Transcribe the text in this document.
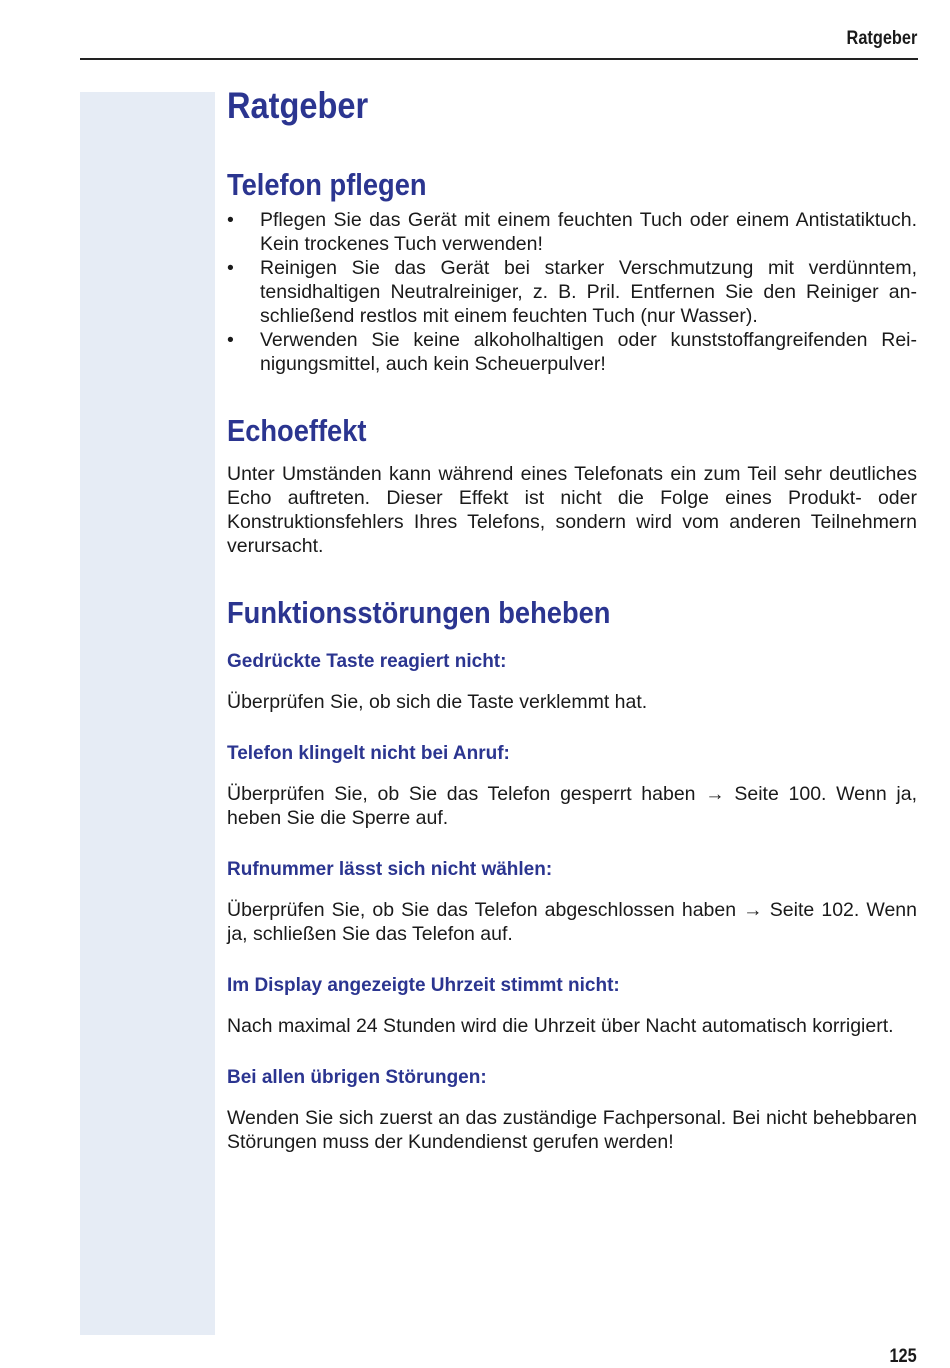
Ratgeber
Ratgeber
Telefon pflegen
• Pflegen Sie das Gerät mit einem feuchten Tuch oder einem Antistatiktuch. Kein trockenes Tuch verwenden!
• Reinigen Sie das Gerät bei starker Verschmutzung mit verdünntem, tensidhaltigen Neutralreiniger, z. B. Pril. Entfernen Sie den Reiniger anschließend restlos mit einem feuchten Tuch (nur Wasser).
• Verwenden Sie keine alkoholhaltigen oder kunststoffangreifenden Reinigungsmittel, auch kein Scheuerpulver!
Echoeffekt

Unter Umständen kann während eines Telefonats ein zum Teil sehr deutliches Echo auftreten. Dieser Effekt ist nicht die Folge eines Produkt- oder Konstruktionsfehlers Ihres Telefons, sondern wird vom anderen Teilnehmern verursacht.

Funktionsstörungen beheben
Gedrückte Taste reagiert nicht:

Überprüfen Sie, ob sich die Taste verklemmt hat.

Telefon klingelt nicht bei Anruf:

Überprüfen Sie, ob Sie das Telefon gesperrt haben → Seite 100. Wenn ja, heben Sie die Sperre auf.

Rufnummer lässt sich nicht wählen:

Überprüfen Sie, ob Sie das Telefon abgeschlossen haben → Seite 102. Wenn ja, schließen Sie das Telefon auf.

Im Display angezeigte Uhrzeit stimmt nicht:

Nach maximal 24 Stunden wird die Uhrzeit über Nacht automatisch korrigiert.

Bei allen übrigen Störungen:

Wenden Sie sich zuerst an das zuständige Fachpersonal. Bei nicht behebbaren Störungen muss der Kundendienst gerufen werden!

125
